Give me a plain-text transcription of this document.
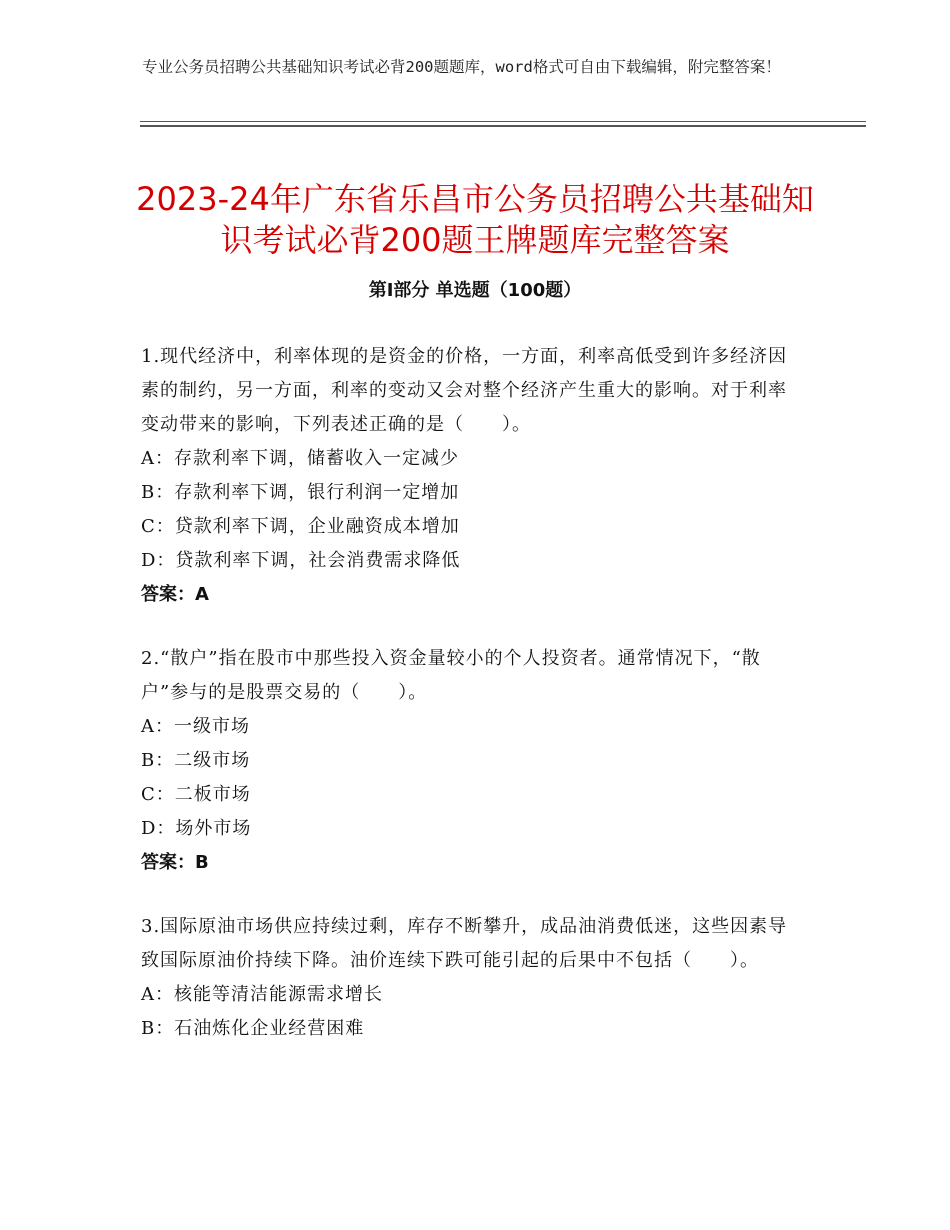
专业公务员招聘公共基础知识考试必背200题题库，word格式可自由下载编辑，附完整答案！
2023-24年广东省乐昌市公务员招聘公共基础知识考试必背200题王牌题库完整答案
第Ⅰ部分 单选题（100题）
1.现代经济中，利率体现的是资金的价格，一方面，利率高低受到许多经济因素的制约，另一方面，利率的变动又会对整个经济产生重大的影响。对于利率变动带来的影响，下列表述正确的是（　　）。
A：存款利率下调，储蓄收入一定减少
B：存款利率下调，银行利润一定增加
C：贷款利率下调，企业融资成本增加
D：贷款利率下调，社会消费需求降低
答案：A
2.“散户”指在股市中那些投入资金量较小的个人投资者。通常情况下，“散户”参与的是股票交易的（　　）。
A：一级市场
B：二级市场
C：二板市场
D：场外市场
答案：B
3.国际原油市场供应持续过剩，库存不断攀升，成品油消费低迷，这些因素导致国际原油价持续下降。油价连续下跌可能引起的后果中不包括（　　）。
A：核能等清洁能源需求增长
B：石油炼化企业经营困难
